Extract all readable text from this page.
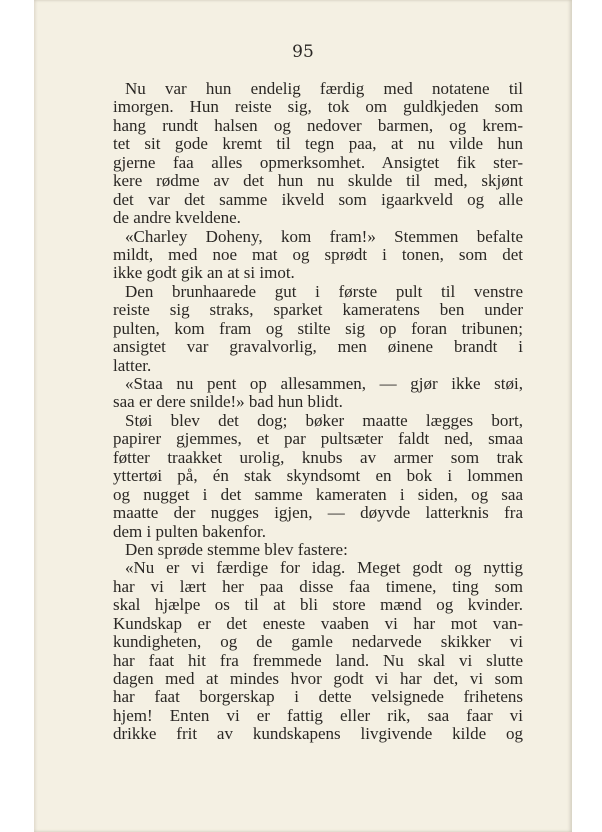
95
Nu var hun endelig færdig med notatene til
imorgen. Hun reiste sig, tok om guldkjeden som
hang rundt halsen og nedover barmen, og krem-
tet sit gode kremt til tegn paa, at nu vilde hun
gjerne faa alles opmerksomhet. Ansigtet fik ster-
kere rødme av det hun nu skulde til med, skjønt
det var det samme ikveld som igaarkveld og alle
de andre kveldene.
«Charley Doheny, kom fram!» Stemmen befalte
mildt, med noe mat og sprødt i tonen, som det
ikke godt gik an at si imot.
Den brunhaarede gut i første pult til venstre
reiste sig straks, sparket kameratens ben under
pulten, kom fram og stilte sig op foran tribunen;
ansigtet var gravalvorlig, men øinene brandt i
latter.
«Staa nu pent op allesammen, — gjør ikke støi,
saa er dere snilde!» bad hun blidt.
Støi blev det dog; bøker maatte lægges bort,
papirer gjemmes, et par pultsæter faldt ned, smaa
føtter traakket urolig, knubs av armer som trak
yttertøi på, én stak skyndsomt en bok i lommen
og nugget i det samme kameraten i siden, og saa
maatte der nugges igjen, — døyvde latterknis fra
dem i pulten bakenfor.
Den sprøde stemme blev fastere:
«Nu er vi færdige for idag. Meget godt og nyttig
har vi lært her paa disse faa timene, ting som
skal hjælpe os til at bli store mænd og kvinder.
Kundskap er det eneste vaaben vi har mot van-
kundigheten, og de gamle nedarvede skikker vi
har faat hit fra fremmede land. Nu skal vi slutte
dagen med at mindes hvor godt vi har det, vi som
har faat borgerskap i dette velsignede frihetens
hjem! Enten vi er fattig eller rik, saa faar vi
drikke frit av kundskapens livgivende kilde og
